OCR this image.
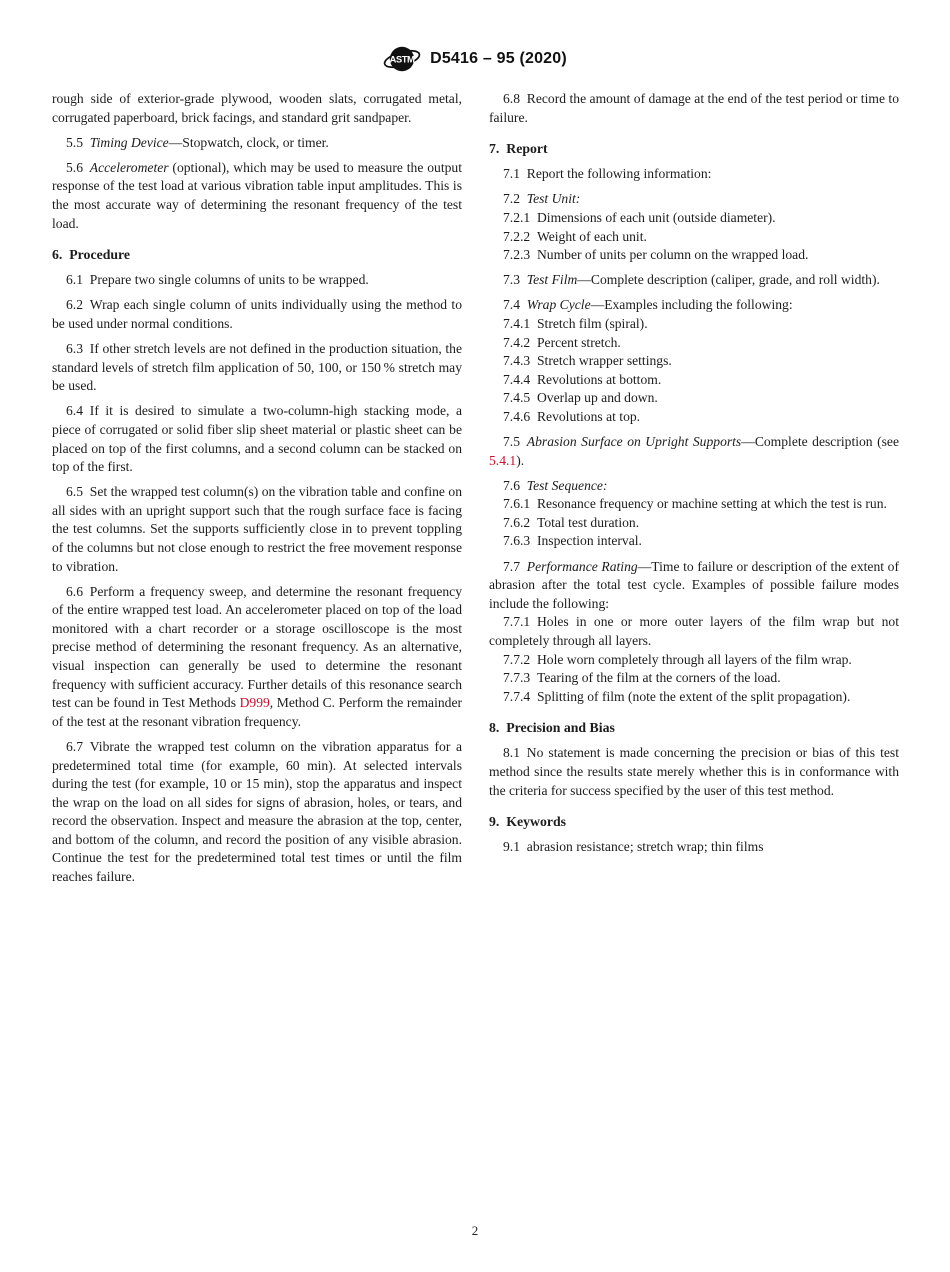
ASTM D5416 – 95 (2020)

rough side of exterior-grade plywood, wooden slats, corrugated metal, corrugated paperboard, brick facings, and standard grit sandpaper.

5.5 Timing Device—Stopwatch, clock, or timer.

5.6 Accelerometer (optional), which may be used to measure the output response of the test load at various vibration table input amplitudes. This is the most accurate way of determining the resonant frequency of the test load.

6. Procedure

6.1 Prepare two single columns of units to be wrapped.

6.2 Wrap each single column of units individually using the method to be used under normal conditions.

6.3 If other stretch levels are not defined in the production situation, the standard levels of stretch film application of 50, 100, or 150 % stretch may be used.

6.4 If it is desired to simulate a two-column-high stacking mode, a piece of corrugated or solid fiber slip sheet material or plastic sheet can be placed on top of the first columns, and a second column can be stacked on top of the first.

6.5 Set the wrapped test column(s) on the vibration table and confine on all sides with an upright support such that the rough surface face is facing the test columns. Set the supports sufficiently close in to prevent toppling of the columns but not close enough to restrict the free movement response to vibration.

6.6 Perform a frequency sweep, and determine the resonant frequency of the entire wrapped test load. An accelerometer placed on top of the load monitored with a chart recorder or a storage oscilloscope is the most precise method of determining the resonant frequency. As an alternative, visual inspection can generally be used to determine the resonant frequency with sufficient accuracy. Further details of this resonance search test can be found in Test Methods D999, Method C. Perform the remainder of the test at the resonant vibration frequency.

6.7 Vibrate the wrapped test column on the vibration apparatus for a predetermined total time (for example, 60 min). At selected intervals during the test (for example, 10 or 15 min), stop the apparatus and inspect the wrap on the load on all sides for signs of abrasion, holes, or tears, and record the observation. Inspect and measure the abrasion at the top, center, and bottom of the column, and record the position of any visible abrasion. Continue the test for the predetermined total test times or until the film reaches failure.

6.8 Record the amount of damage at the end of the test period or time to failure.

7. Report

7.1 Report the following information:

7.2 Test Unit:

7.2.1 Dimensions of each unit (outside diameter).

7.2.2 Weight of each unit.

7.2.3 Number of units per column on the wrapped load.

7.3 Test Film—Complete description (caliper, grade, and roll width).

7.4 Wrap Cycle—Examples including the following:

7.4.1 Stretch film (spiral).

7.4.2 Percent stretch.

7.4.3 Stretch wrapper settings.

7.4.4 Revolutions at bottom.

7.4.5 Overlap up and down.

7.4.6 Revolutions at top.

7.5 Abrasion Surface on Upright Supports—Complete description (see 5.4.1).

7.6 Test Sequence:

7.6.1 Resonance frequency or machine setting at which the test is run.

7.6.2 Total test duration.

7.6.3 Inspection interval.

7.7 Performance Rating—Time to failure or description of the extent of abrasion after the total test cycle. Examples of possible failure modes include the following:

7.7.1 Holes in one or more outer layers of the film wrap but not completely through all layers.

7.7.2 Hole worn completely through all layers of the film wrap.

7.7.3 Tearing of the film at the corners of the load.

7.7.4 Splitting of film (note the extent of the split propagation).

8. Precision and Bias

8.1 No statement is made concerning the precision or bias of this test method since the results state merely whether this is in conformance with the criteria for success specified by the user of this test method.

9. Keywords

9.1 abrasion resistance; stretch wrap; thin films

2
